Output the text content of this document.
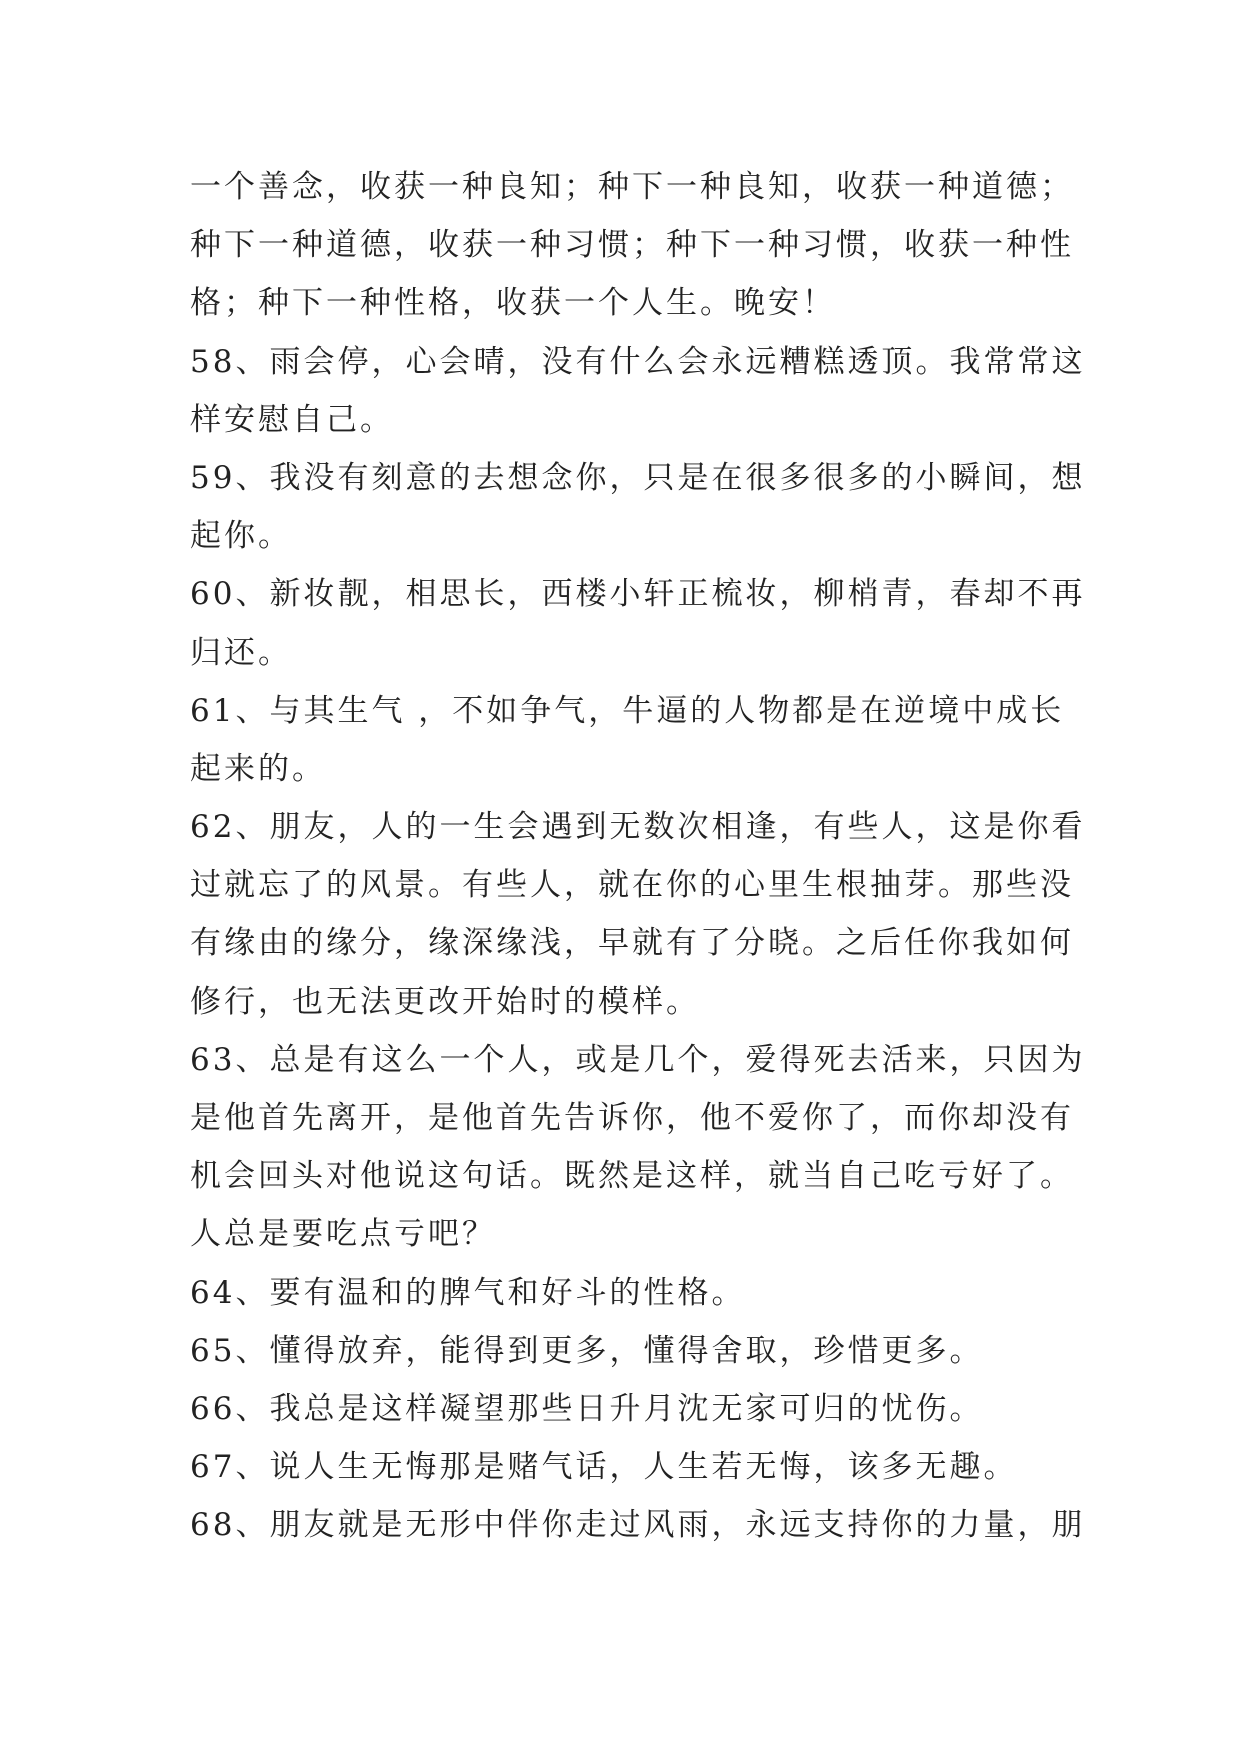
一个善念，收获一种良知；种下一种良知，收获一种道德；
种下一种道德，收获一种习惯；种下一种习惯，收获一种性
格；种下一种性格，收获一个人生。晚安！
58、雨会停，心会晴，没有什么会永远糟糕透顶。我常常这
样安慰自己。
59、我没有刻意的去想念你，只是在很多很多的小瞬间，想
起你。
60、新妆靓，相思长，西楼小轩正梳妆，柳梢青，春却不再
归还。
61、与其生气 ，不如争气，牛逼的人物都是在逆境中成长
起来的。
62、朋友，人的一生会遇到无数次相逢，有些人，这是你看
过就忘了的风景。有些人，就在你的心里生根抽芽。那些没
有缘由的缘分，缘深缘浅，早就有了分晓。之后任你我如何
修行，也无法更改开始时的模样。
63、总是有这么一个人，或是几个，爱得死去活来，只因为
是他首先离开，是他首先告诉你，他不爱你了，而你却没有
机会回头对他说这句话。既然是这样，就当自己吃亏好了。
人总是要吃点亏吧？
64、要有温和的脾气和好斗的性格。
65、懂得放弃，能得到更多，懂得舍取，珍惜更多。
66、我总是这样凝望那些日升月沈无家可归的忧伤。
67、说人生无悔那是赌气话，人生若无悔，该多无趣。
68、朋友就是无形中伴你走过风雨，永远支持你的力量，朋
